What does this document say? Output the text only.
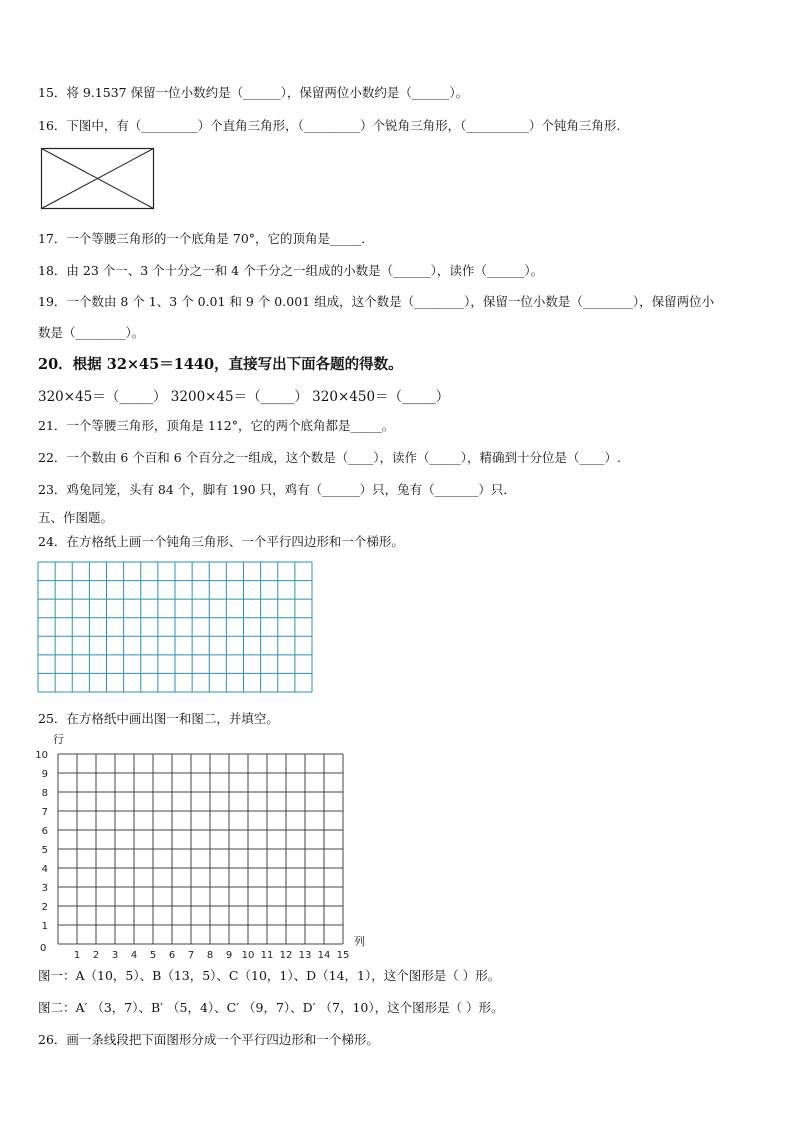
15．将 9.1537 保留一位小数约是（______），保留两位小数约是（______）。
16．下图中，有（_________）个直角三角形，（_________）个锐角三角形，（__________）个钝角三角形.
17．一个等腰三角形的一个底角是 70°，它的顶角是_____．
18．由 23 个一、3 个十分之一和 4 个千分之一组成的小数是（______），读作（______）。
19．一个数由 8 个 1、3 个 0.01 和 9 个 0.001 组成，这个数是（________），保留一位小数是（________），保留两位小
数是（________）。
20．根据 32×45＝1440，直接写出下面各题的得数。
320×45＝（_____） 3200×45＝（_____） 320×450＝（_____）
21．一个等腰三角形，顶角是 112°，它的两个底角都是_____。
22．一个数由 6 个百和 6 个百分之一组成，这个数是（____），读作（_____），精确到十分位是（____）.
23．鸡兔同笼，头有 84 个，脚有 190 只，鸡有（______）只，兔有（_______）只．
五、作图题。
24．在方格纸上画一个钝角三角形、一个平行四边形和一个梯形。
25．在方格纸中画出图一和图二，并填空。
行
列
0
1 2 3 4 5 6 7 8 9 10 11 12 13 14 15
1
2
3
4
5
6
7
8
9
10
图一：A（10，5）、B（13，5）、C（10，1）、D（14，1），这个图形是（ ）形。
图二：A′ （3，7）、B′ （5，4）、C′ （9，7）、D′ （7，10），这个图形是（ ）形。
26．画一条线段把下面图形分成一个平行四边形和一个梯形。
